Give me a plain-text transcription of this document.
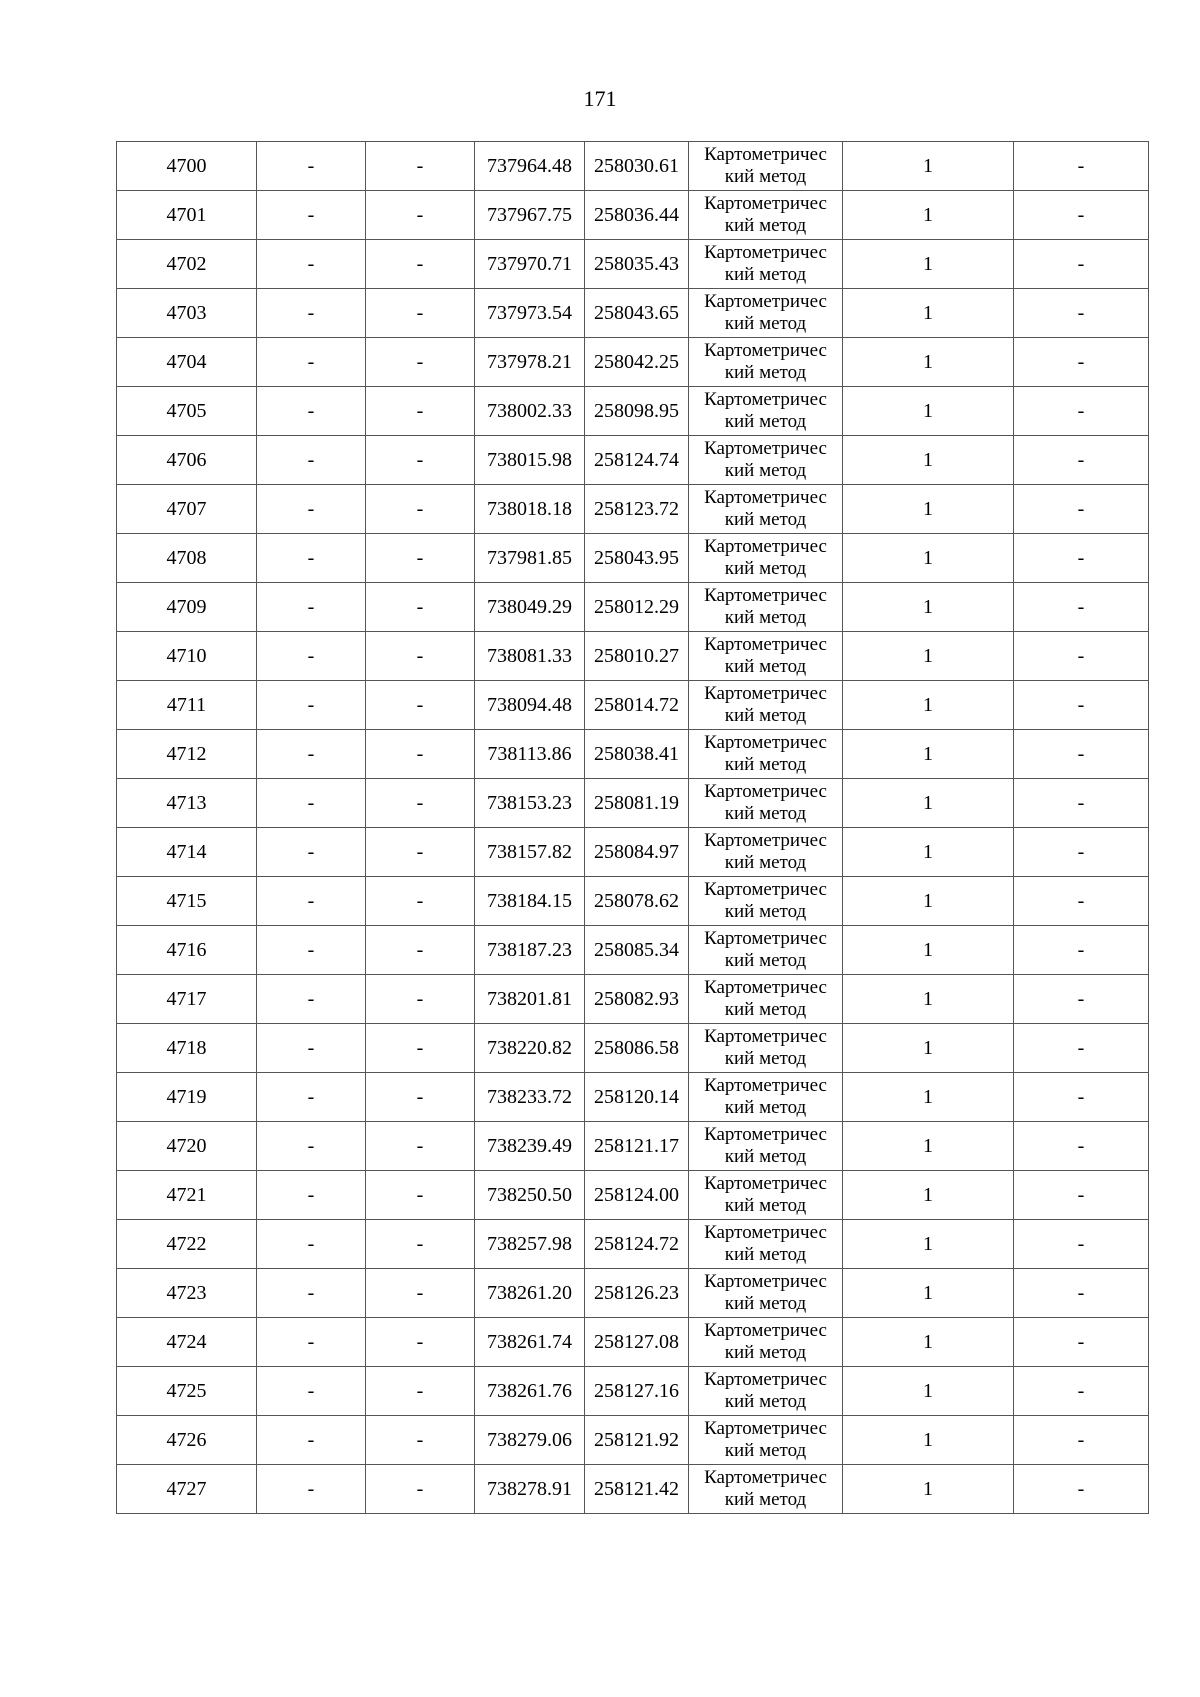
171
4700	-	-	737964.48	258030.61	Картометричес
кий метод	1	-
4701	-	-	737967.75	258036.44	Картометричес
кий метод	1	-
4702	-	-	737970.71	258035.43	Картометричес
кий метод	1	-
4703	-	-	737973.54	258043.65	Картометричес
кий метод	1	-
4704	-	-	737978.21	258042.25	Картометричес
кий метод	1	-
4705	-	-	738002.33	258098.95	Картометричес
кий метод	1	-
4706	-	-	738015.98	258124.74	Картометричес
кий метод	1	-
4707	-	-	738018.18	258123.72	Картометричес
кий метод	1	-
4708	-	-	737981.85	258043.95	Картометричес
кий метод	1	-
4709	-	-	738049.29	258012.29	Картометричес
кий метод	1	-
4710	-	-	738081.33	258010.27	Картометричес
кий метод	1	-
4711	-	-	738094.48	258014.72	Картометричес
кий метод	1	-
4712	-	-	738113.86	258038.41	Картометричес
кий метод	1	-
4713	-	-	738153.23	258081.19	Картометричес
кий метод	1	-
4714	-	-	738157.82	258084.97	Картометричес
кий метод	1	-
4715	-	-	738184.15	258078.62	Картометричес
кий метод	1	-
4716	-	-	738187.23	258085.34	Картометричес
кий метод	1	-
4717	-	-	738201.81	258082.93	Картометричес
кий метод	1	-
4718	-	-	738220.82	258086.58	Картометричес
кий метод	1	-
4719	-	-	738233.72	258120.14	Картометричес
кий метод	1	-
4720	-	-	738239.49	258121.17	Картометричес
кий метод	1	-
4721	-	-	738250.50	258124.00	Картометричес
кий метод	1	-
4722	-	-	738257.98	258124.72	Картометричес
кий метод	1	-
4723	-	-	738261.20	258126.23	Картометричес
кий метод	1	-
4724	-	-	738261.74	258127.08	Картометричес
кий метод	1	-
4725	-	-	738261.76	258127.16	Картометричес
кий метод	1	-
4726	-	-	738279.06	258121.92	Картометричес
кий метод	1	-
4727	-	-	738278.91	258121.42	Картометричес
кий метод	1	-
